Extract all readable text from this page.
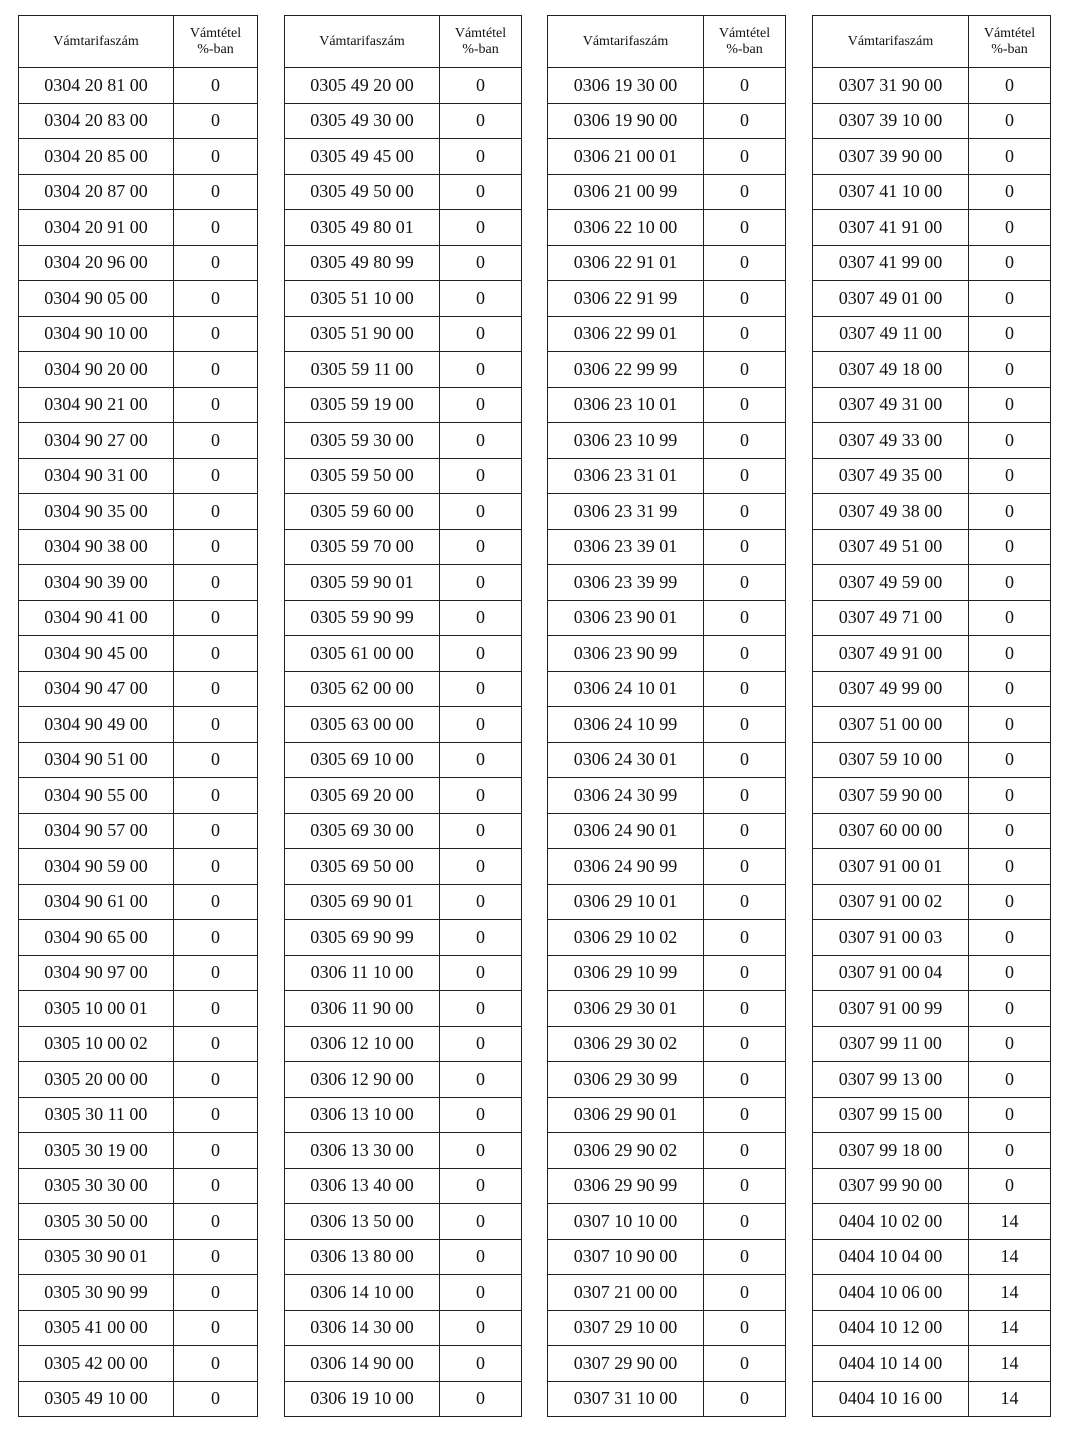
Vámtarifaszám	Vámtétel
%-ban
0304 20 81 00	0
0304 20 83 00	0
0304 20 85 00	0
0304 20 87 00	0
0304 20 91 00	0
0304 20 96 00	0
0304 90 05 00	0
0304 90 10 00	0
0304 90 20 00	0
0304 90 21 00	0
0304 90 27 00	0
0304 90 31 00	0
0304 90 35 00	0
0304 90 38 00	0
0304 90 39 00	0
0304 90 41 00	0
0304 90 45 00	0
0304 90 47 00	0
0304 90 49 00	0
0304 90 51 00	0
0304 90 55 00	0
0304 90 57 00	0
0304 90 59 00	0
0304 90 61 00	0
0304 90 65 00	0
0304 90 97 00	0
0305 10 00 01	0
0305 10 00 02	0
0305 20 00 00	0
0305 30 11 00	0
0305 30 19 00	0
0305 30 30 00	0
0305 30 50 00	0
0305 30 90 01	0
0305 30 90 99	0
0305 41 00 00	0
0305 42 00 00	0
0305 49 10 00	0
Vámtarifaszám	Vámtétel
%-ban
0305 49 20 00	0
0305 49 30 00	0
0305 49 45 00	0
0305 49 50 00	0
0305 49 80 01	0
0305 49 80 99	0
0305 51 10 00	0
0305 51 90 00	0
0305 59 11 00	0
0305 59 19 00	0
0305 59 30 00	0
0305 59 50 00	0
0305 59 60 00	0
0305 59 70 00	0
0305 59 90 01	0
0305 59 90 99	0
0305 61 00 00	0
0305 62 00 00	0
0305 63 00 00	0
0305 69 10 00	0
0305 69 20 00	0
0305 69 30 00	0
0305 69 50 00	0
0305 69 90 01	0
0305 69 90 99	0
0306 11 10 00	0
0306 11 90 00	0
0306 12 10 00	0
0306 12 90 00	0
0306 13 10 00	0
0306 13 30 00	0
0306 13 40 00	0
0306 13 50 00	0
0306 13 80 00	0
0306 14 10 00	0
0306 14 30 00	0
0306 14 90 00	0
0306 19 10 00	0
Vámtarifaszám	Vámtétel
%-ban
0306 19 30 00	0
0306 19 90 00	0
0306 21 00 01	0
0306 21 00 99	0
0306 22 10 00	0
0306 22 91 01	0
0306 22 91 99	0
0306 22 99 01	0
0306 22 99 99	0
0306 23 10 01	0
0306 23 10 99	0
0306 23 31 01	0
0306 23 31 99	0
0306 23 39 01	0
0306 23 39 99	0
0306 23 90 01	0
0306 23 90 99	0
0306 24 10 01	0
0306 24 10 99	0
0306 24 30 01	0
0306 24 30 99	0
0306 24 90 01	0
0306 24 90 99	0
0306 29 10 01	0
0306 29 10 02	0
0306 29 10 99	0
0306 29 30 01	0
0306 29 30 02	0
0306 29 30 99	0
0306 29 90 01	0
0306 29 90 02	0
0306 29 90 99	0
0307 10 10 00	0
0307 10 90 00	0
0307 21 00 00	0
0307 29 10 00	0
0307 29 90 00	0
0307 31 10 00	0
Vámtarifaszám	Vámtétel
%-ban
0307 31 90 00	0
0307 39 10 00	0
0307 39 90 00	0
0307 41 10 00	0
0307 41 91 00	0
0307 41 99 00	0
0307 49 01 00	0
0307 49 11 00	0
0307 49 18 00	0
0307 49 31 00	0
0307 49 33 00	0
0307 49 35 00	0
0307 49 38 00	0
0307 49 51 00	0
0307 49 59 00	0
0307 49 71 00	0
0307 49 91 00	0
0307 49 99 00	0
0307 51 00 00	0
0307 59 10 00	0
0307 59 90 00	0
0307 60 00 00	0
0307 91 00 01	0
0307 91 00 02	0
0307 91 00 03	0
0307 91 00 04	0
0307 91 00 99	0
0307 99 11 00	0
0307 99 13 00	0
0307 99 15 00	0
0307 99 18 00	0
0307 99 90 00	0
0404 10 02 00	14
0404 10 04 00	14
0404 10 06 00	14
0404 10 12 00	14
0404 10 14 00	14
0404 10 16 00	14
